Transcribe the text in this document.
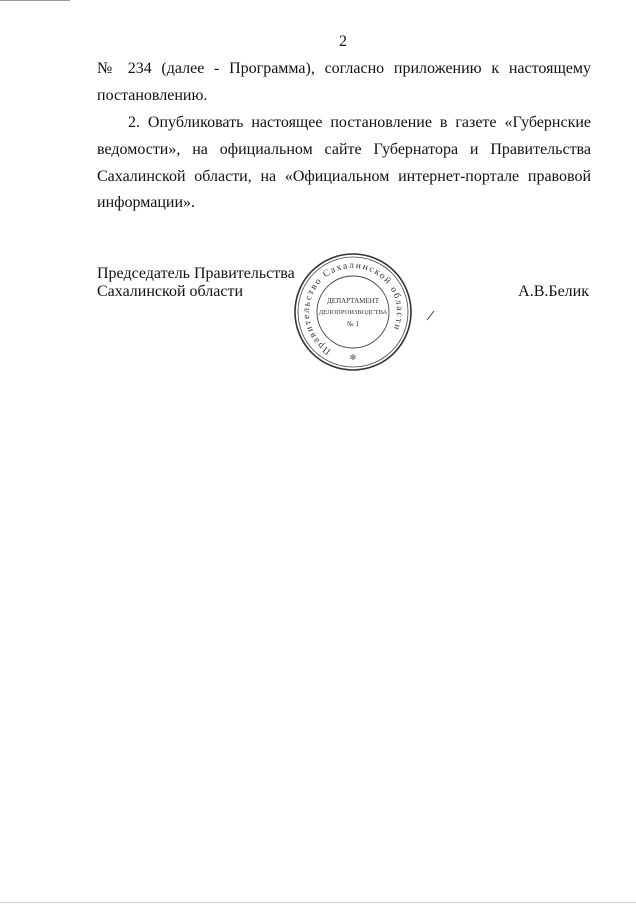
2
№ 234 (далее - Программа), согласно приложению к настоящему
постановлению.
2. Опубликовать настоящее постановление в газете «Губернские
ведомости», на официальном сайте Губернатора и Правительства
Сахалинской области, на «Официальном интернет-портале правовой
информации».
Председатель Правительства
Сахалинской области	А.В.Белик
Правительство Сахалинской области
✻
ДЕПАРТАМЕНТ
ДЕЛОПРОИЗВОДСТВА
№ 1
